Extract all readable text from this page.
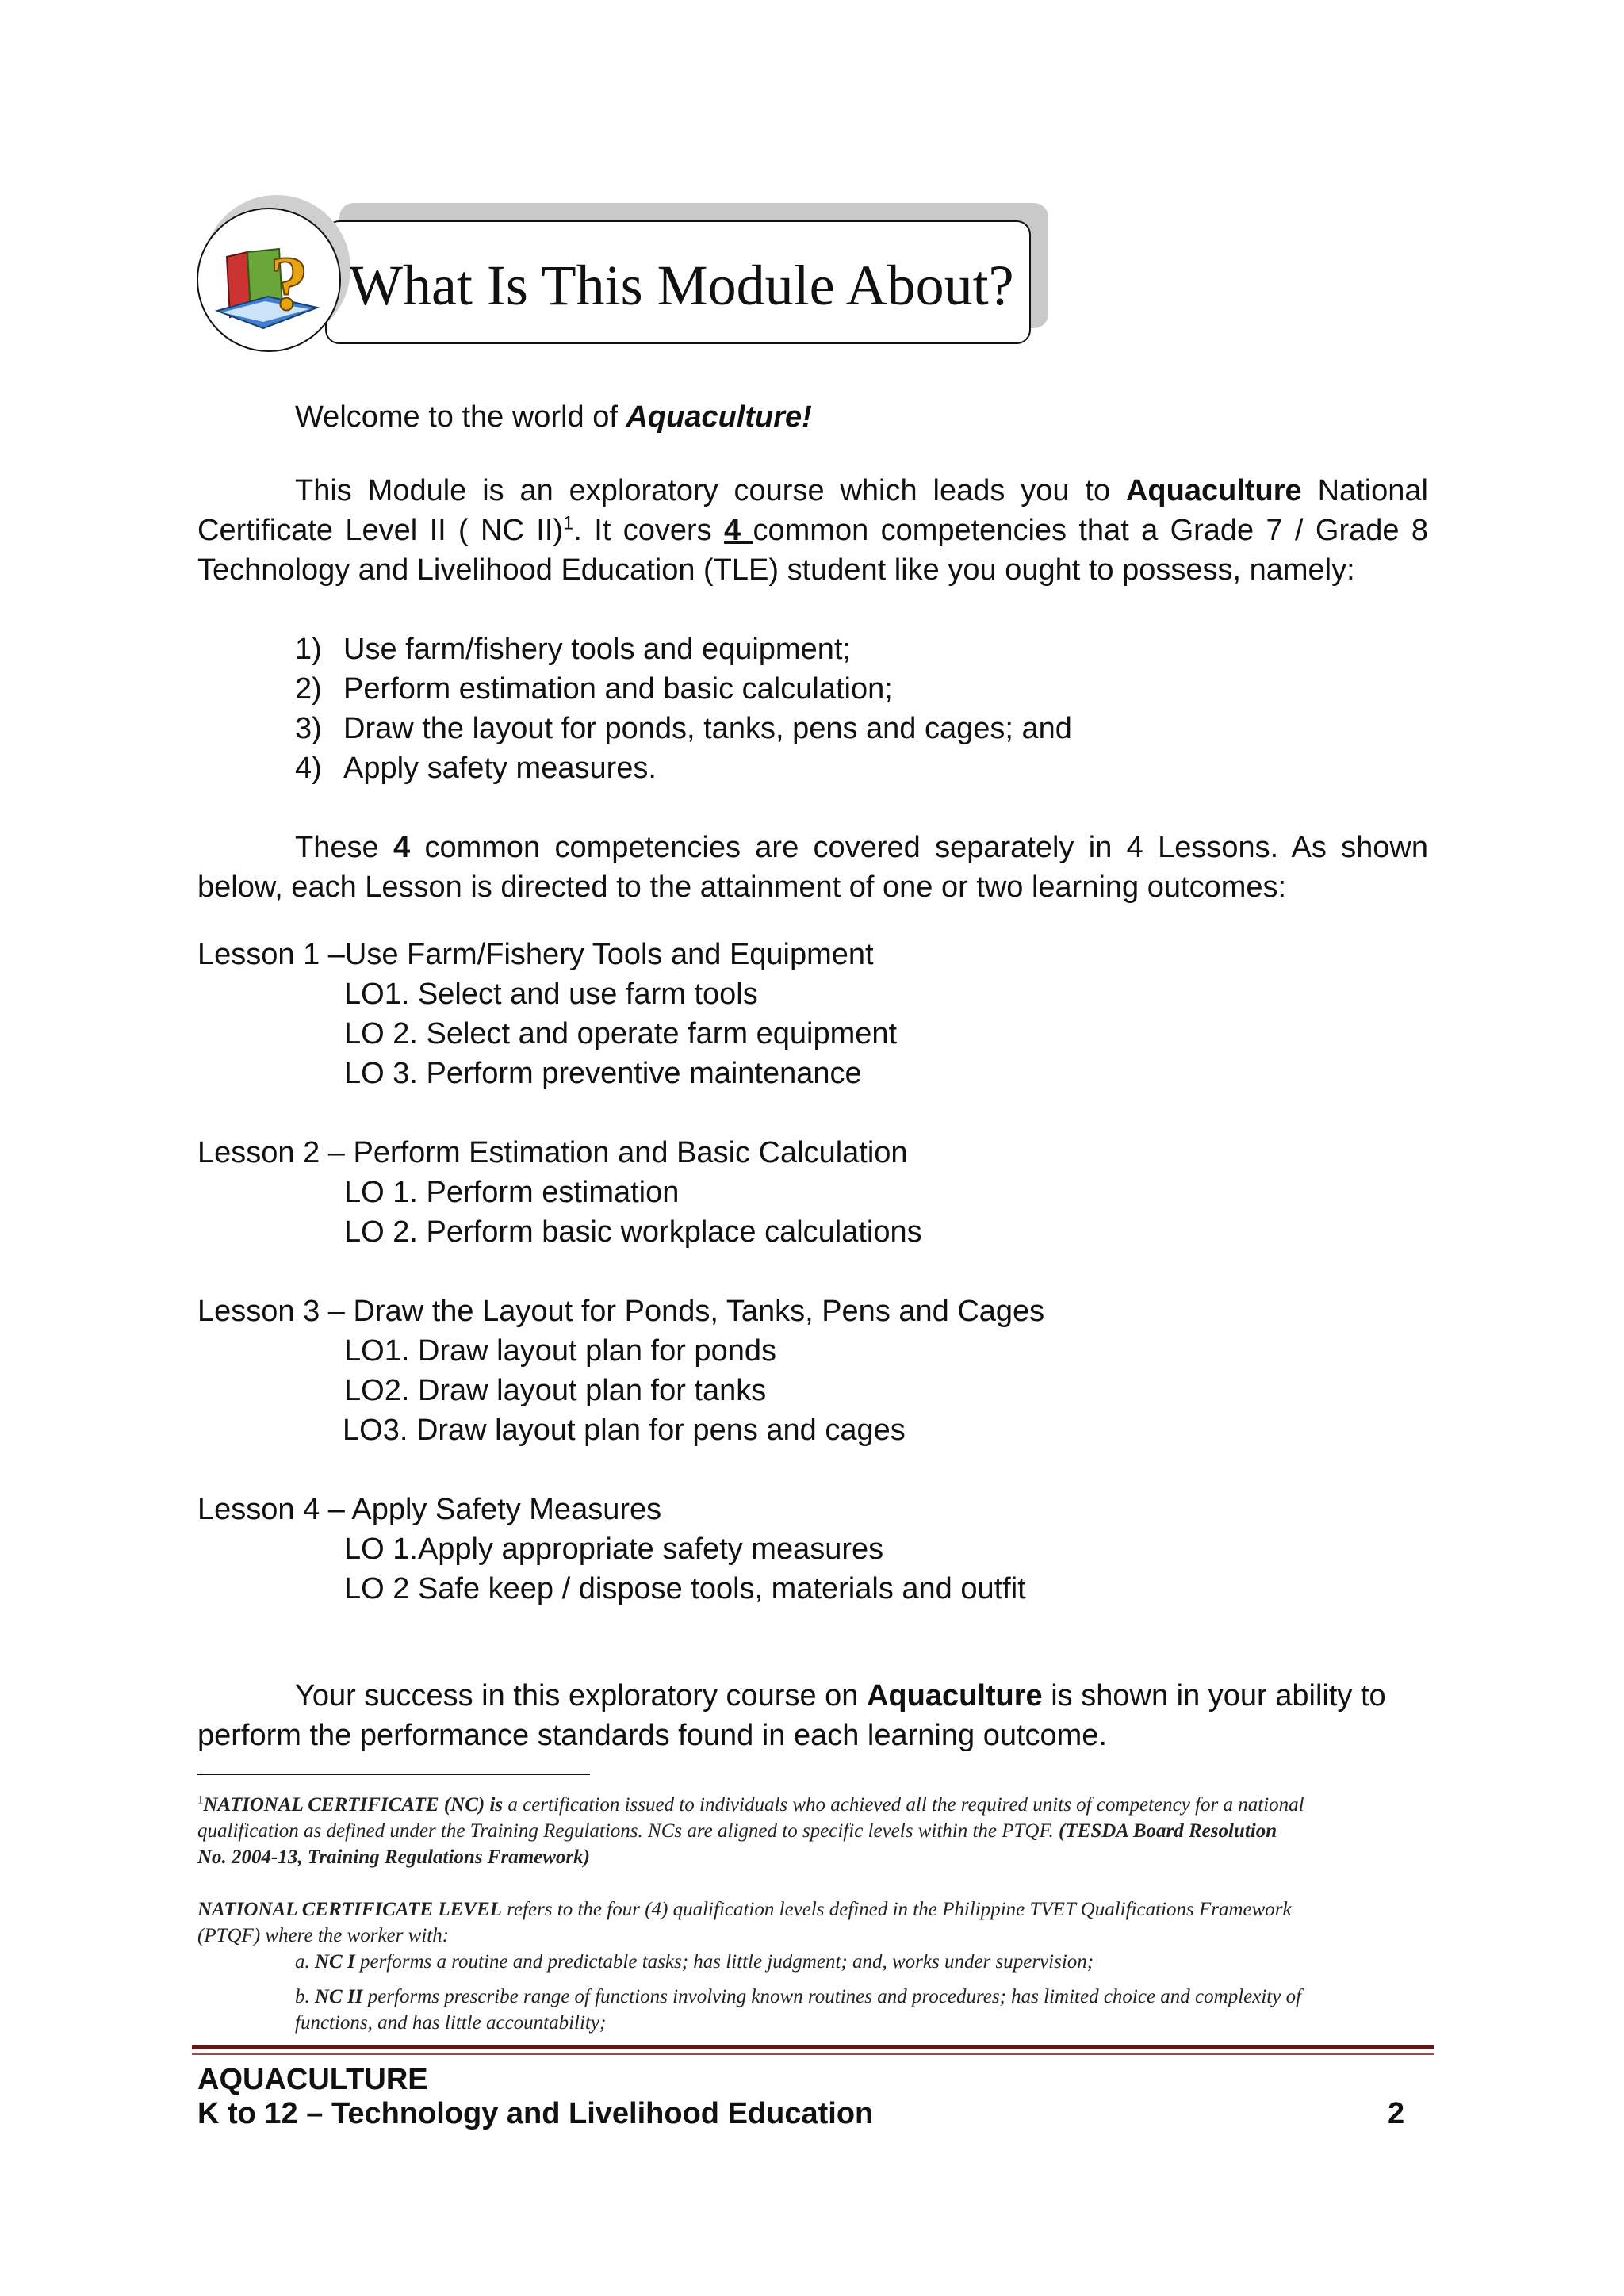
What Is This Module About?
?
Welcome to the world of Aquaculture!
This Module is an exploratory course which leads you to Aquaculture National
Certificate Level II ( NC II)$^1$. It covers 4 common competencies that a Grade 7 / Grade 8
Technology and Livelihood Education (TLE) student like you ought to possess, namely:
1) Use farm/fishery tools and equipment;
2) Perform estimation and basic calculation;
3) Draw the layout for ponds, tanks, pens and cages; and
4) Apply safety measures.
These 4 common competencies are covered separately in 4 Lessons. As shown
below, each Lesson is directed to the attainment of one or two learning outcomes:
Lesson 1 –Use Farm/Fishery Tools and Equipment
LO1. Select and use farm tools
LO 2. Select and operate farm equipment
LO 3. Perform preventive maintenance
Lesson 2 – Perform Estimation and Basic Calculation
LO 1. Perform estimation
LO 2. Perform basic workplace calculations
Lesson 3 – Draw the Layout for Ponds, Tanks, Pens and Cages
LO1. Draw layout plan for ponds
LO2. Draw layout plan for tanks
LO3. Draw layout plan for pens and cages
Lesson 4 – Apply Safety Measures
LO 1.Apply appropriate safety measures
LO 2 Safe keep / dispose tools, materials and outfit
Your success in this exploratory course on Aquaculture is shown in your ability to
perform the performance standards found in each learning outcome.
$^1$NATIONAL CERTIFICATE (NC) is a certification issued to individuals who achieved all the required units of competency for a national
qualification as defined under the Training Regulations. NCs are aligned to specific levels within the PTQF. (TESDA Board Resolution
No. 2004-13, Training Regulations Framework)
NATIONAL CERTIFICATE LEVEL refers to the four (4) qualification levels defined in the Philippine TVET Qualifications Framework
(PTQF) where the worker with:
a. NC I performs a routine and predictable tasks; has little judgment; and, works under supervision;
b. NC II performs prescribe range of functions involving known routines and procedures; has limited choice and complexity of
functions, and has little accountability;
AQUACULTURE
K to 12 – Technology and Livelihood Education	2
